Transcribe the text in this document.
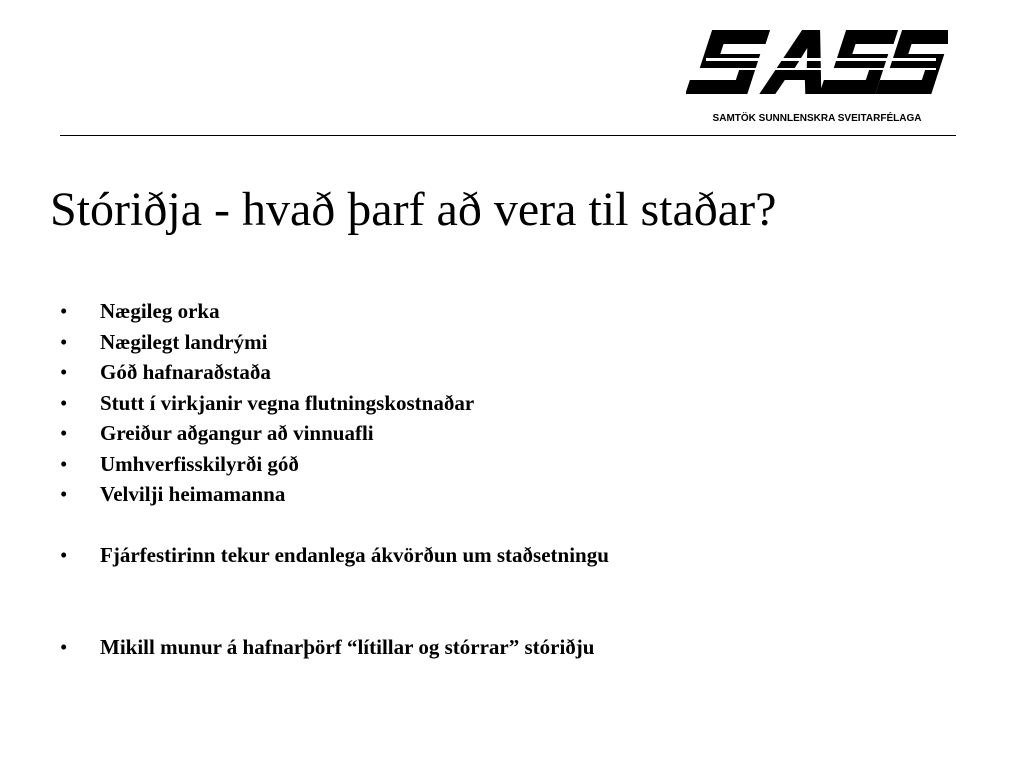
SAMTÖK SUNNLENSKRA SVEITARFÉLAGA
Stóriðja - hvað þarf að vera til staðar?
• Nægileg orka
• Nægilegt landrými
• Góð hafnaraðstaða
• Stutt í virkjanir vegna flutningskostnaðar
• Greiður aðgangur að vinnuafli
• Umhverfisskilyrði góð
• Velvilji heimamanna
• Fjárfestirinn tekur endanlega ákvörðun um staðsetningu
• Mikill munur á hafnarþörf “lítillar og stórrar” stóriðju
